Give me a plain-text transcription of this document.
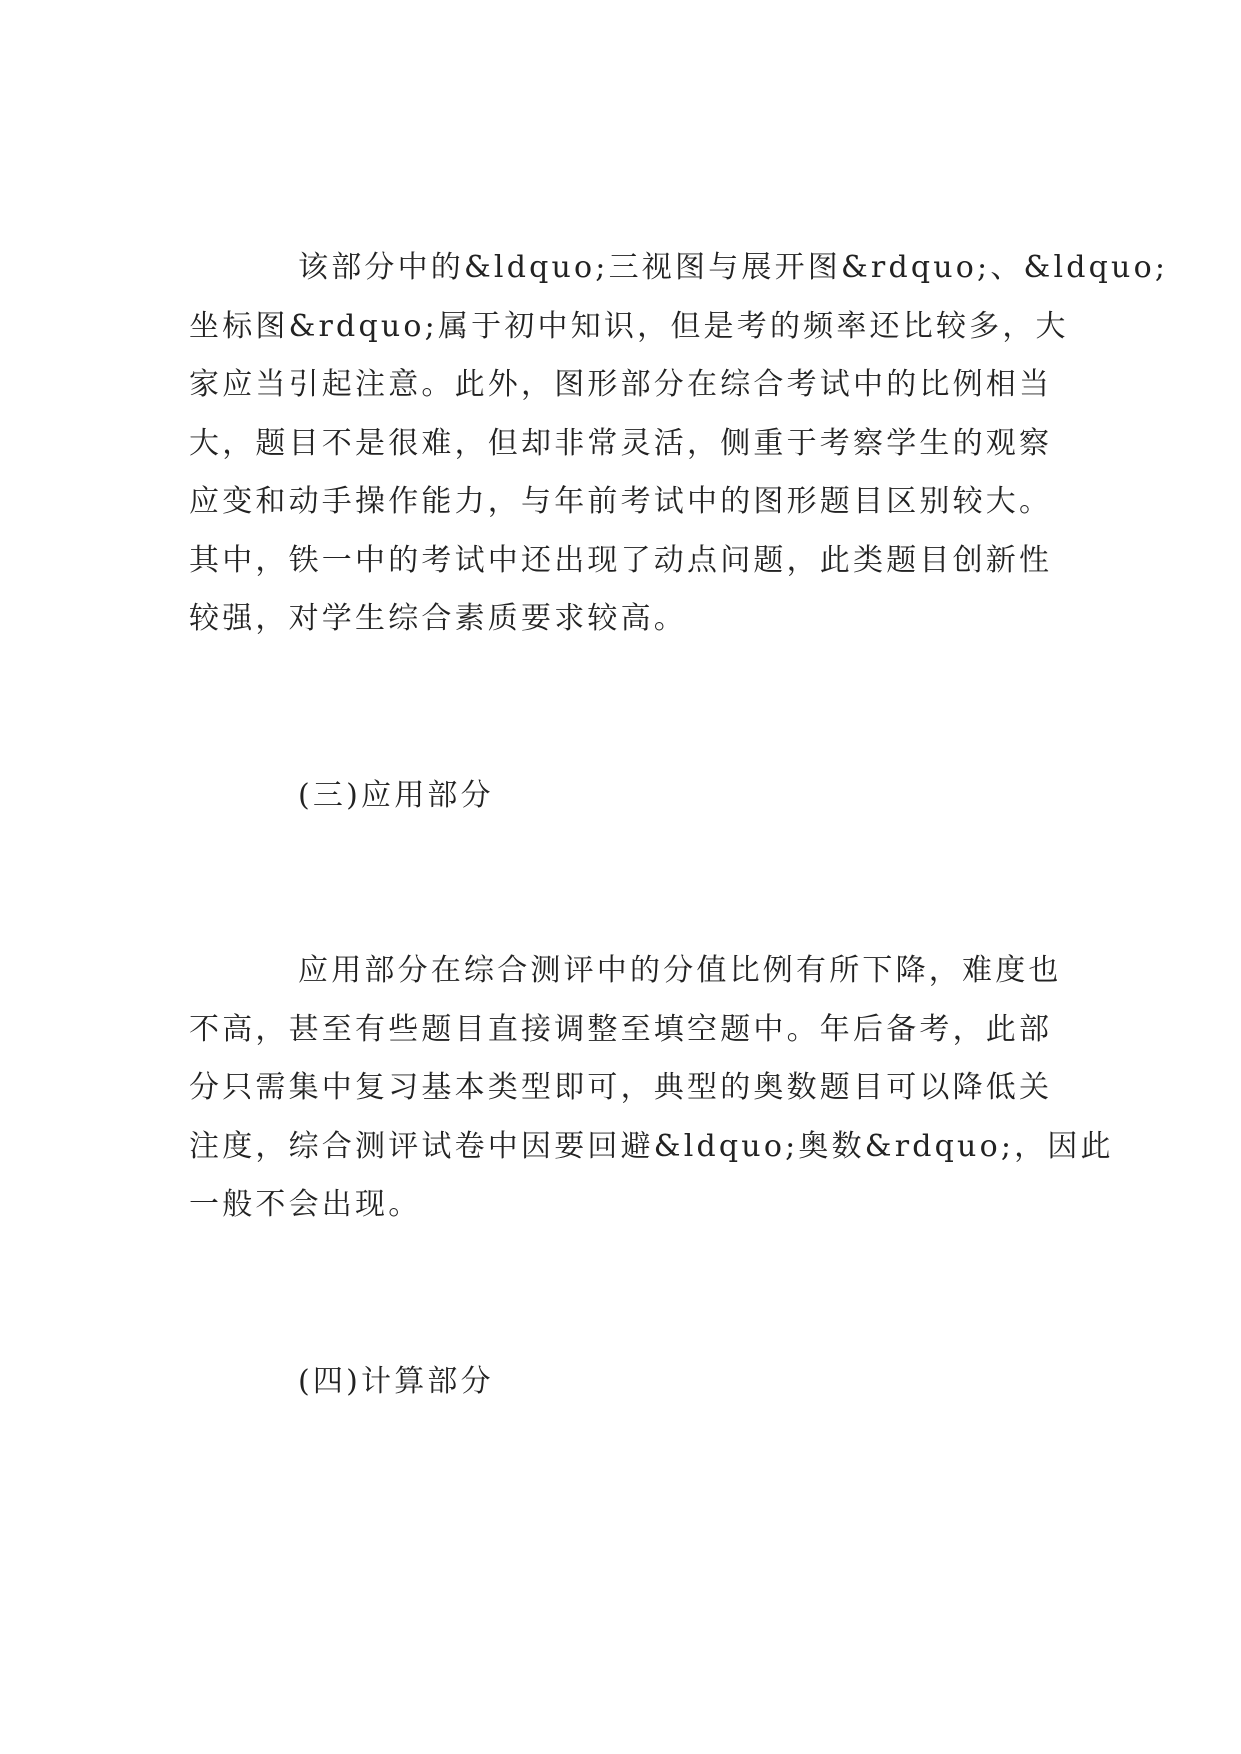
该部分中的&ldquo;三视图与展开图&rdquo;、&ldquo;
坐标图&rdquo;属于初中知识，但是考的频率还比较多，大
家应当引起注意。此外，图形部分在综合考试中的比例相当
大，题目不是很难，但却非常灵活，侧重于考察学生的观察
应变和动手操作能力，与年前考试中的图形题目区别较大。
其中，铁一中的考试中还出现了动点问题，此类题目创新性
较强，对学生综合素质要求较高。
(三)应用部分
应用部分在综合测评中的分值比例有所下降，难度也
不高，甚至有些题目直接调整至填空题中。年后备考，此部
分只需集中复习基本类型即可，典型的奥数题目可以降低关
注度，综合测评试卷中因要回避&ldquo;奥数&rdquo;，因此
一般不会出现。
(四)计算部分
